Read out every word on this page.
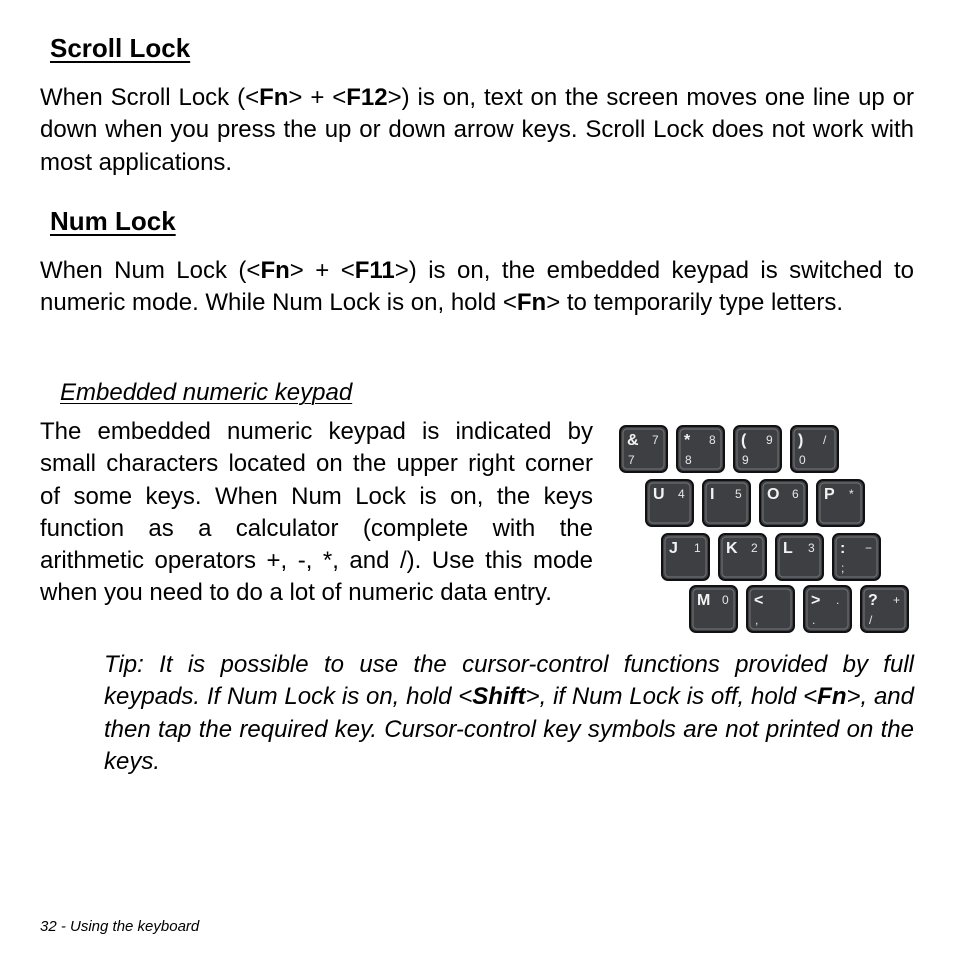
Scroll Lock
When Scroll Lock (<Fn> + <F12>) is on, text on the screen moves one line up or down when you press the up or down arrow keys. Scroll Lock does not work with most applications.
Num Lock
When Num Lock (<Fn> + <F11>) is on, the embedded keypad is switched to numeric mode. While Num Lock is on, hold <Fn> to temporarily type letters.
Embedded numeric keypad
The embedded numeric keypad is indicated by small characters located on the upper right corner of some keys. When Num Lock is on, the keys function as a calculator (complete with the arithmetic operators +, -, *, and /). Use this mode when you need to do a lot of numeric data entry.
&
7
7 *
8
8 (
9
9 )
0
/
U 4 I 5 O 6 P *
J 1 K 2 L 3 :
;
−
M 0 <
,
>
.
. ?
/
+
Tip: It is possible to use the cursor-control functions provided by full keypads. If Num Lock is on, hold <Shift>, if Num Lock is off, hold <Fn>, and then tap the required key. Cursor-control key symbols are not printed on the keys.
32 - Using the keyboard
